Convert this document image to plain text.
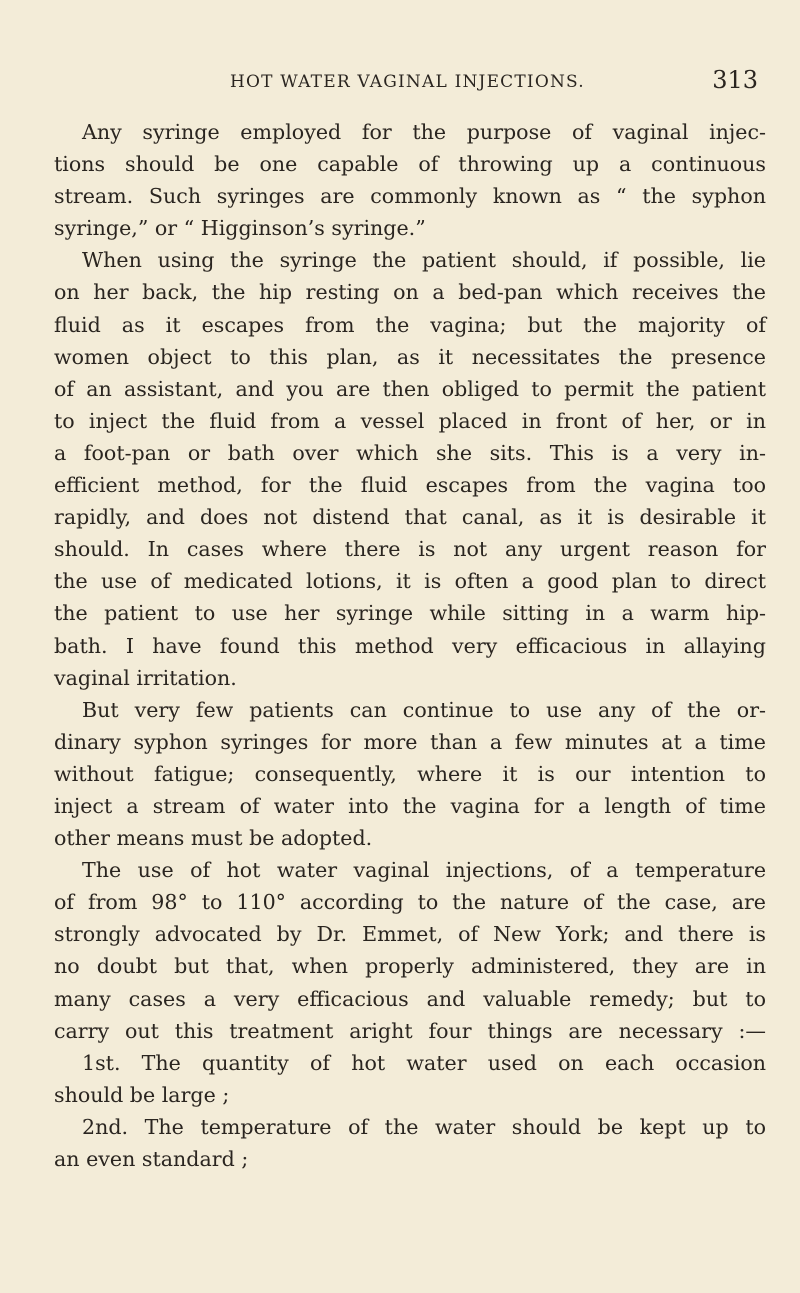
HOT WATER VAGINAL INJECTIONS.	313
Any syringe employed for the purpose of vaginal injec-
tions should be one capable of throwing up a continuous
stream. Such syringes are commonly known as “ the syphon
syringe,” or “ Higginson’s syringe.”
When using the syringe the patient should, if possible, lie
on her back, the hip resting on a bed-pan which receives the
fluid as it escapes from the vagina; but the majority of
women object to this plan, as it necessitates the presence
of an assistant, and you are then obliged to permit the patient
to inject the fluid from a vessel placed in front of her, or in
a foot-pan or bath over which she sits. This is a very in-
efficient method, for the fluid escapes from the vagina too
rapidly, and does not distend that canal, as it is desirable it
should. In cases where there is not any urgent reason for
the use of medicated lotions, it is often a good plan to direct
the patient to use her syringe while sitting in a warm hip-
bath. I have found this method very efficacious in allaying
vaginal irritation.
But very few patients can continue to use any of the or-
dinary syphon syringes for more than a few minutes at a time
without fatigue; consequently, where it is our intention to
inject a stream of water into the vagina for a length of time
other means must be adopted.
The use of hot water vaginal injections, of a temperature
of from 98° to 110° according to the nature of the case, are
strongly advocated by Dr. Emmet, of New York; and there is
no doubt but that, when properly administered, they are in
many cases a very efficacious and valuable remedy; but to
carry out this treatment aright four things are necessary :—
1st. The quantity of hot water used on each occasion
should be large ;
2nd. The temperature of the water should be kept up to
an even standard ;
